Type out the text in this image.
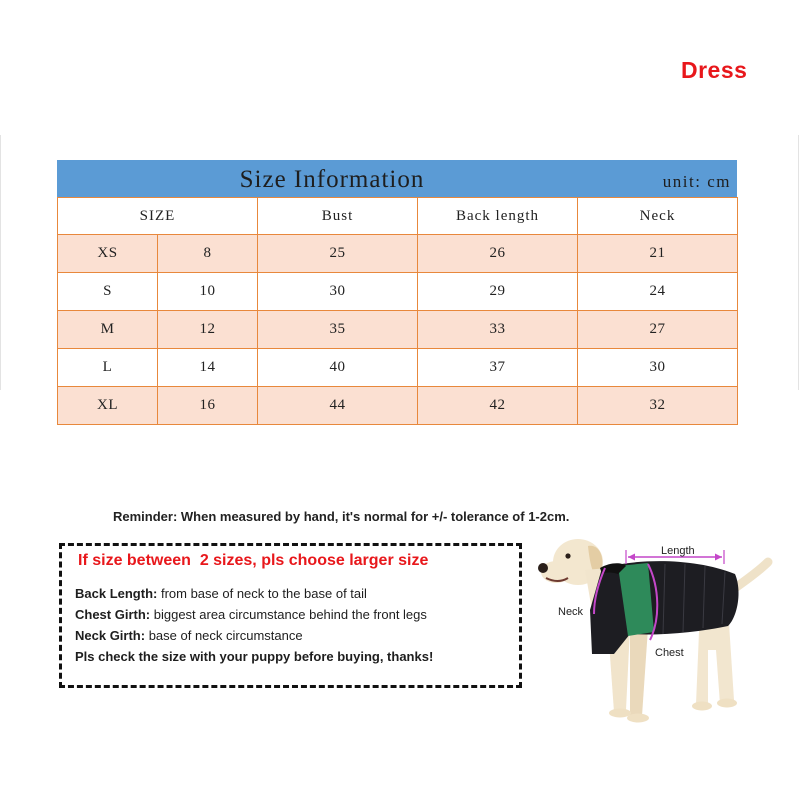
Dress
Size Information	unit: cm
SIZE	Bust	Back length	Neck
XS	8	25	26	21
S	10	30	29	24
M	12	35	33	27
L	14	40	37	30
XL	16	44	42	32
Reminder: When measured by hand, it's normal for +/- tolerance of 1-2cm.
If size between  2 sizes, pls choose larger size
Back Length: from base of neck to the base of tail
Chest Girth: biggest area circumstance behind the front legs
Neck Girth: base of neck circumstance
Pls check the size with your puppy before buying, thanks!
Length
Neck
Chest
